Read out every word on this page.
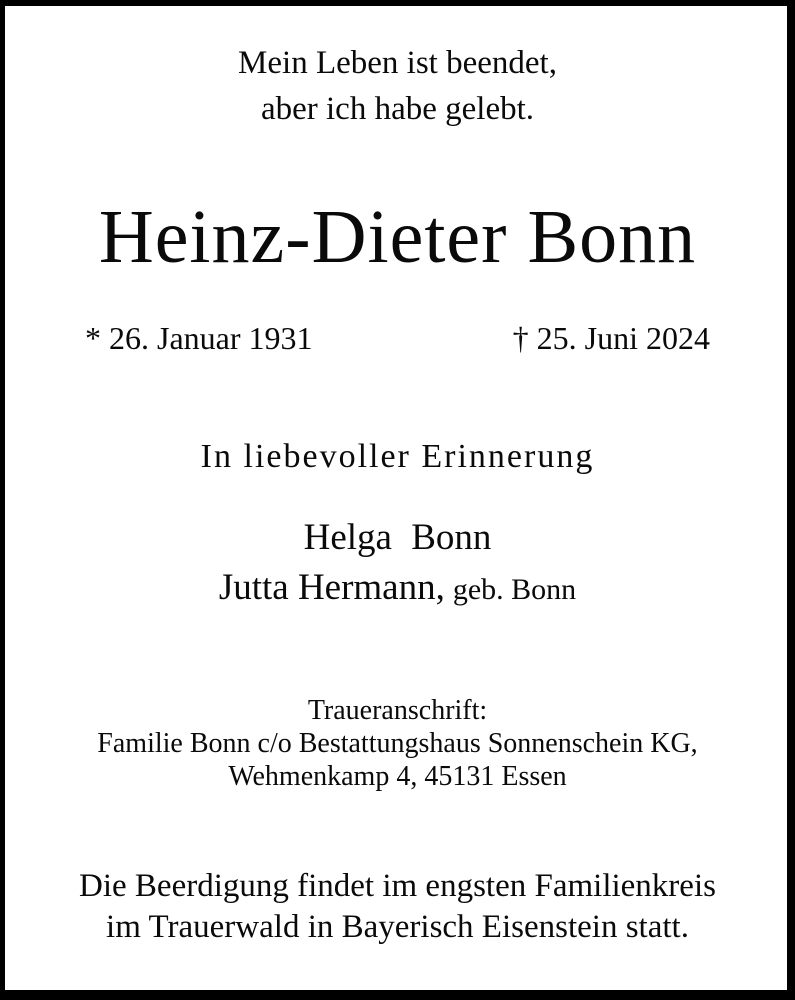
Mein Leben ist beendet,
aber ich habe gelebt.
Heinz-Dieter Bonn
* 26. Januar 1931	† 25. Juni 2024
In liebevoller Erinnerung
Helga Bonn
Jutta Hermann, geb. Bonn
Traueranschrift:
Familie Bonn c/o Bestattungshaus Sonnenschein KG,
Wehmenkamp 4, 45131 Essen
Die Beerdigung findet im engsten Familienkreis
im Trauerwald in Bayerisch Eisenstein statt.
